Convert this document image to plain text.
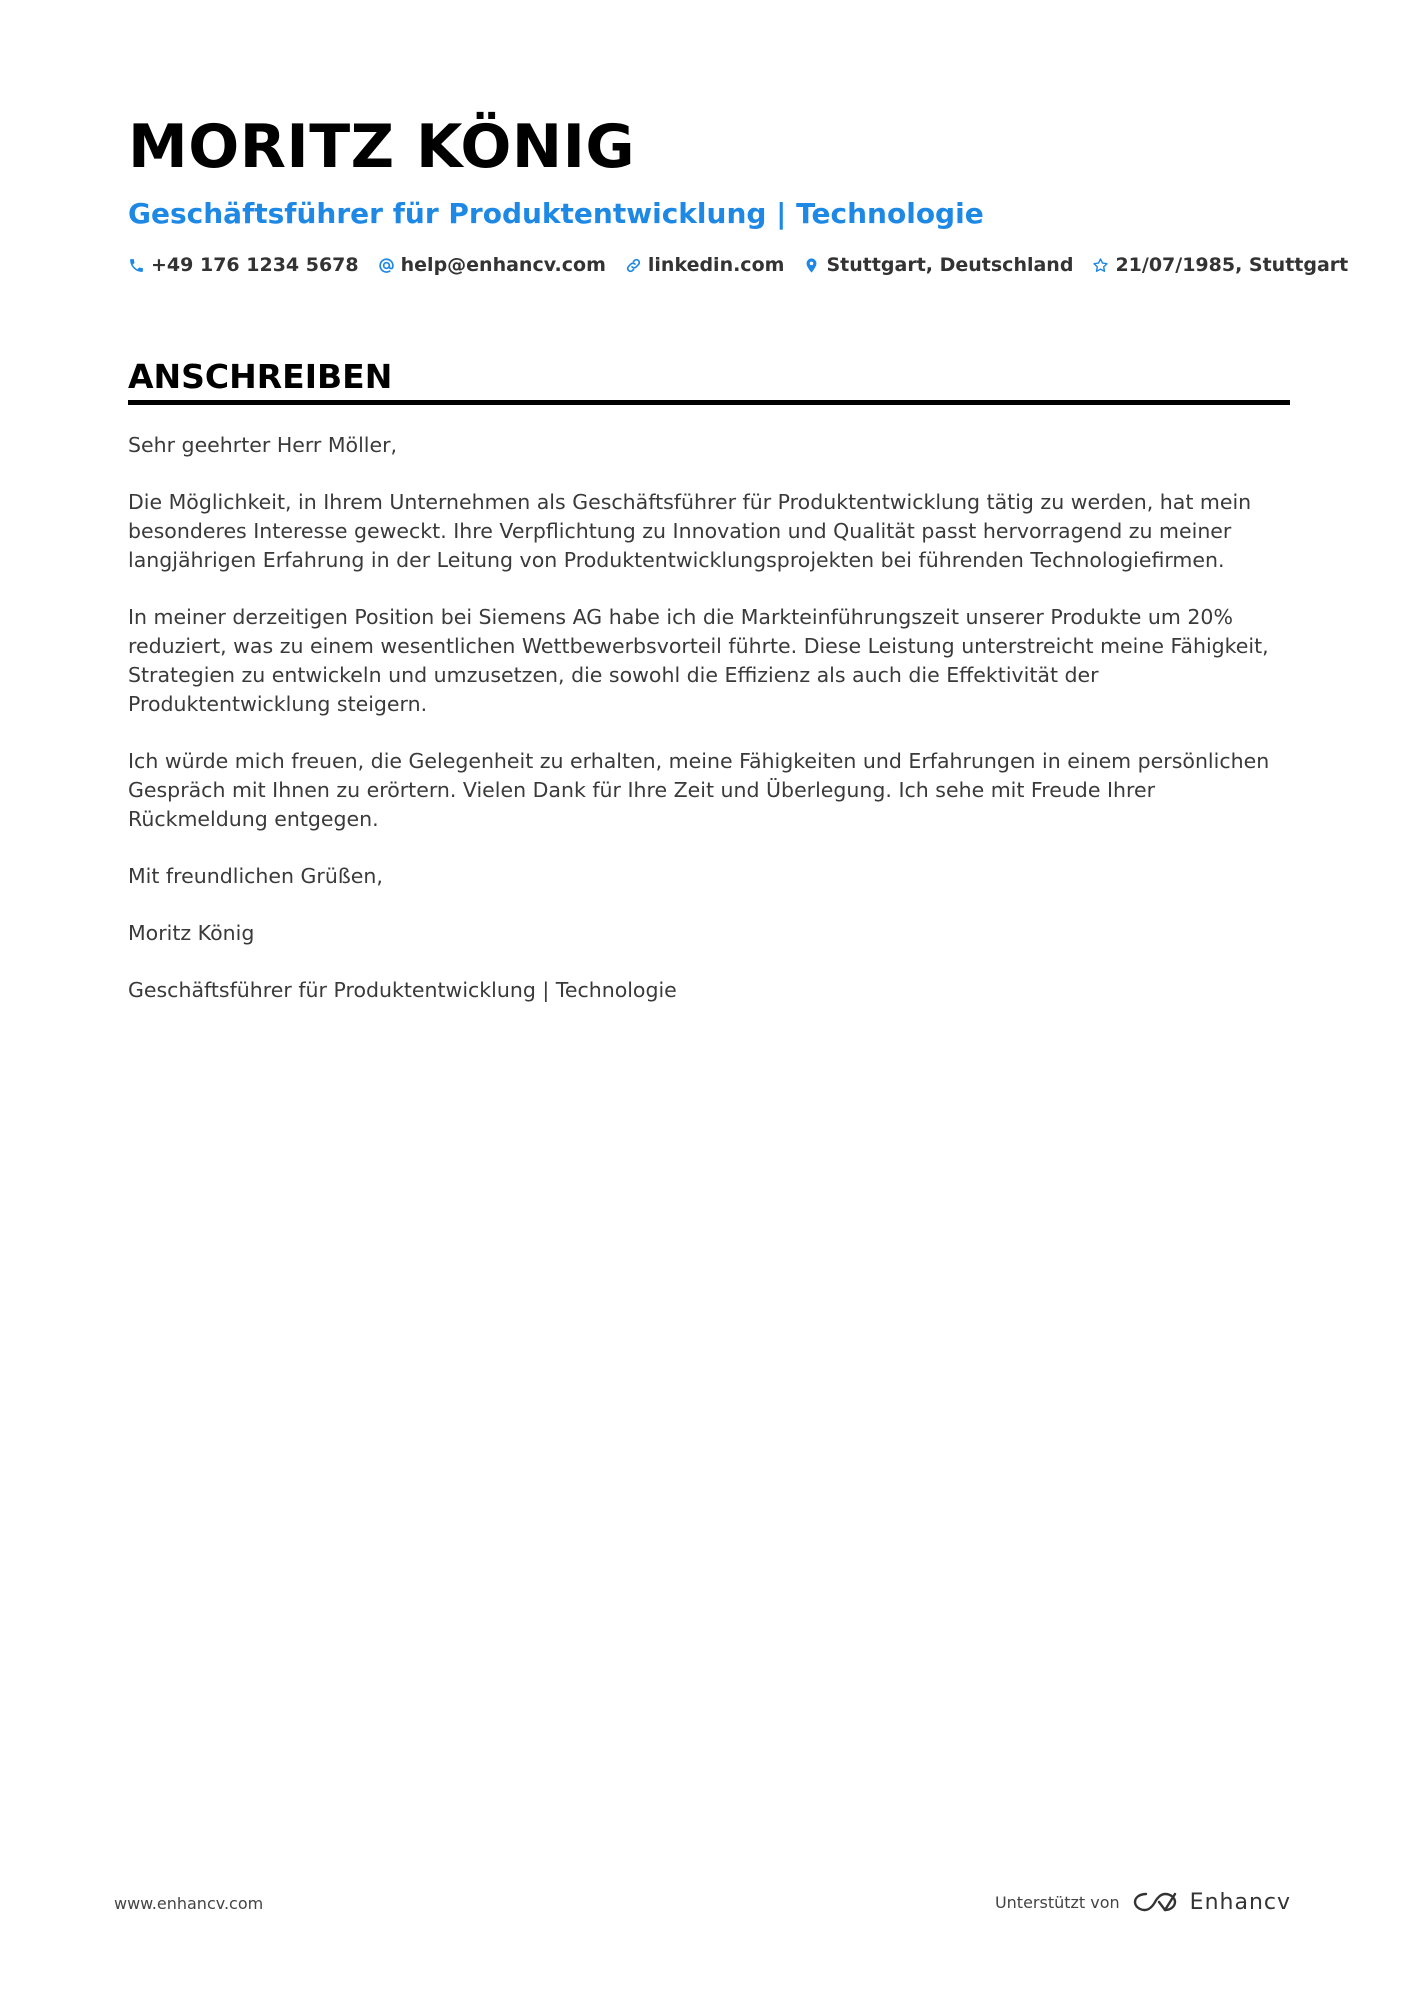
MORITZ KÖNIG
Geschäftsführer für Produktentwicklung | Technologie
+49 176 1234 5678 help@enhancv.com linkedin.com Stuttgart, Deutschland 21/07/1985, Stuttgart
ANSCHREIBEN

Sehr geehrter Herr Möller,

Die Möglichkeit, in Ihrem Unternehmen als Geschäftsführer für Produktentwicklung tätig zu werden, hat mein besonderes Interesse geweckt. Ihre Verpflichtung zu Innovation und Qualität passt hervorragend zu meiner langjährigen Erfahrung in der Leitung von Produktentwicklungsprojekten bei führenden Technologiefirmen.

In meiner derzeitigen Position bei Siemens AG habe ich die Markteinführungszeit unserer Produkte um 20% reduziert, was zu einem wesentlichen Wettbewerbsvorteil führte. Diese Leistung unterstreicht meine Fähigkeit, Strategien zu entwickeln und umzusetzen, die sowohl die Effizienz als auch die Effektivität der Produktentwicklung steigern.

Ich würde mich freuen, die Gelegenheit zu erhalten, meine Fähigkeiten und Erfahrungen in einem persönlichen Gespräch mit Ihnen zu erörtern. Vielen Dank für Ihre Zeit und Überlegung. Ich sehe mit Freude Ihrer Rückmeldung entgegen.

Mit freundlichen Grüßen,

Moritz König

Geschäftsführer für Produktentwicklung | Technologie

www.enhancv.com	Unterstützt von	Enhancv
